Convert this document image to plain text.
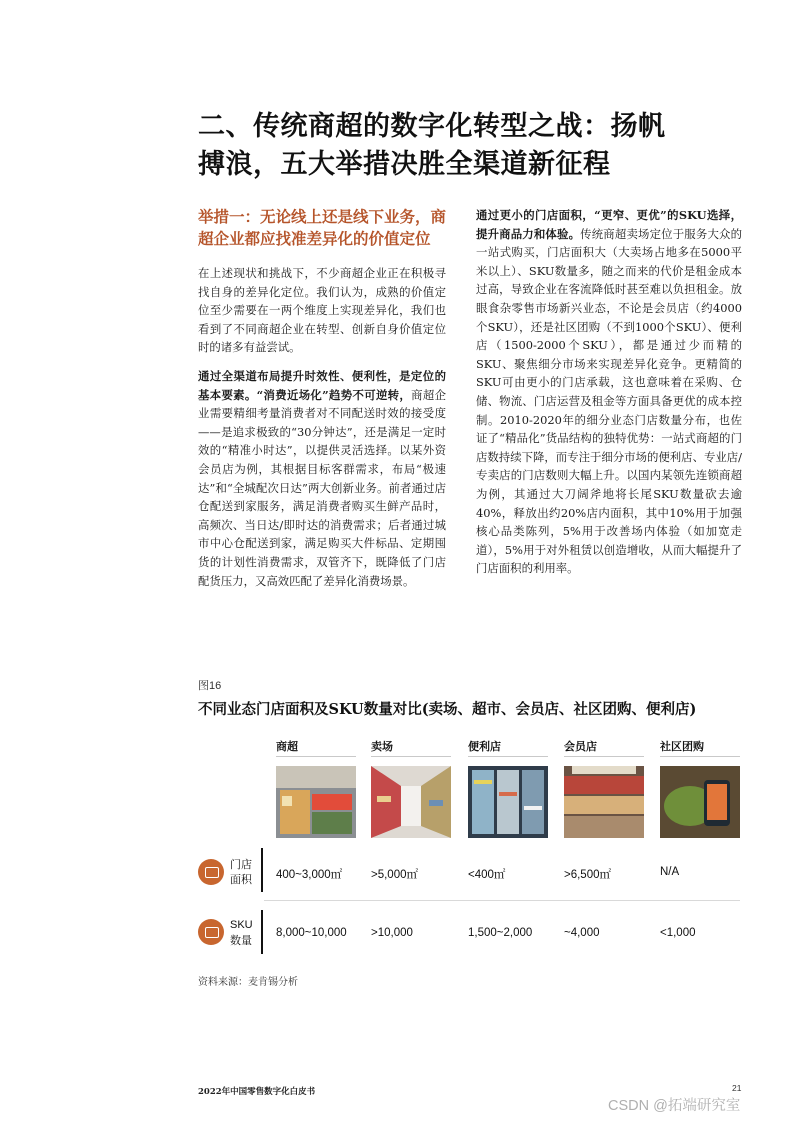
二、传统商超的数字化转型之战：扬帆搏浪，五大举措决胜全渠道新征程
举措一：无论线上还是线下业务，商超企业都应找准差异化的价值定位

在上述现状和挑战下，不少商超企业正在积极寻找自身的差异化定位。我们认为，成熟的价值定位至少需要在一两个维度上实现差异化，我们也看到了不同商超企业在转型、创新自身价值定位时的诸多有益尝试。

通过全渠道布局提升时效性、便利性，是定位的基本要素。“消费近场化”趋势不可逆转，商超企业需要精细考量消费者对不同配送时效的接受度——是追求极致的“30分钟达”，还是满足一定时效的“精准小时达”，以提供灵活选择。以某外资会员店为例，其根据目标客群需求，布局“极速达”和“全城配次日达”两大创新业务。前者通过店仓配送到家服务，满足消费者购买生鲜产品时，高频次、当日达/即时达的消费需求；后者通过城市中心仓配送到家，满足购买大件标品、定期囤货的计划性消费需求，双管齐下，既降低了门店配货压力，又高效匹配了差异化消费场景。

通过更小的门店面积，“更窄、更优”的SKU选择，提升商品力和体验。传统商超卖场定位于服务大众的一站式购买，门店面积大（大卖场占地多在5000平米以上）、SKU数量多，随之而来的代价是租金成本过高，导致企业在客流降低时甚至难以负担租金。放眼食杂零售市场新兴业态，不论是会员店（约4000个SKU），还是社区团购（不到1000个SKU）、便利店（1500-2000个SKU），都是通过少而精的SKU、聚焦细分市场来实现差异化竞争。更精简的SKU可由更小的门店承载，这也意味着在采购、仓储、物流、门店运营及租金等方面具备更优的成本控制。2010-2020年的细分业态门店数量分布，也佐证了“精品化”货品结构的独特优势：一站式商超的门店数持续下降，而专注于细分市场的便利店、专业店/专卖店的门店数则大幅上升。以国内某领先连锁商超为例，其通过大刀阔斧地将长尾SKU数量砍去逾40%，释放出约20%店内面积，其中10%用于加强核心品类陈列，5%用于改善场内体验（如加宽走道），5%用于对外租赁以创造增收，从而大幅提升了门店面积的利用率。

图16
不同业态门店面积及SKU数量对比(卖场、超市、会员店、社区团购、便利店)
商超	卖场	便利店	会员店	社区团购
门店
面积	400~3,000㎡	>5,000㎡	<400㎡	>6,500㎡	N/A
SKU
数量
8,000~10,000 >10,000	1,500~2,000	~4,000	<1,000
资料来源：麦肯锡分析
2022年中国零售数字化白皮书	21
CSDN @拓端研究室
